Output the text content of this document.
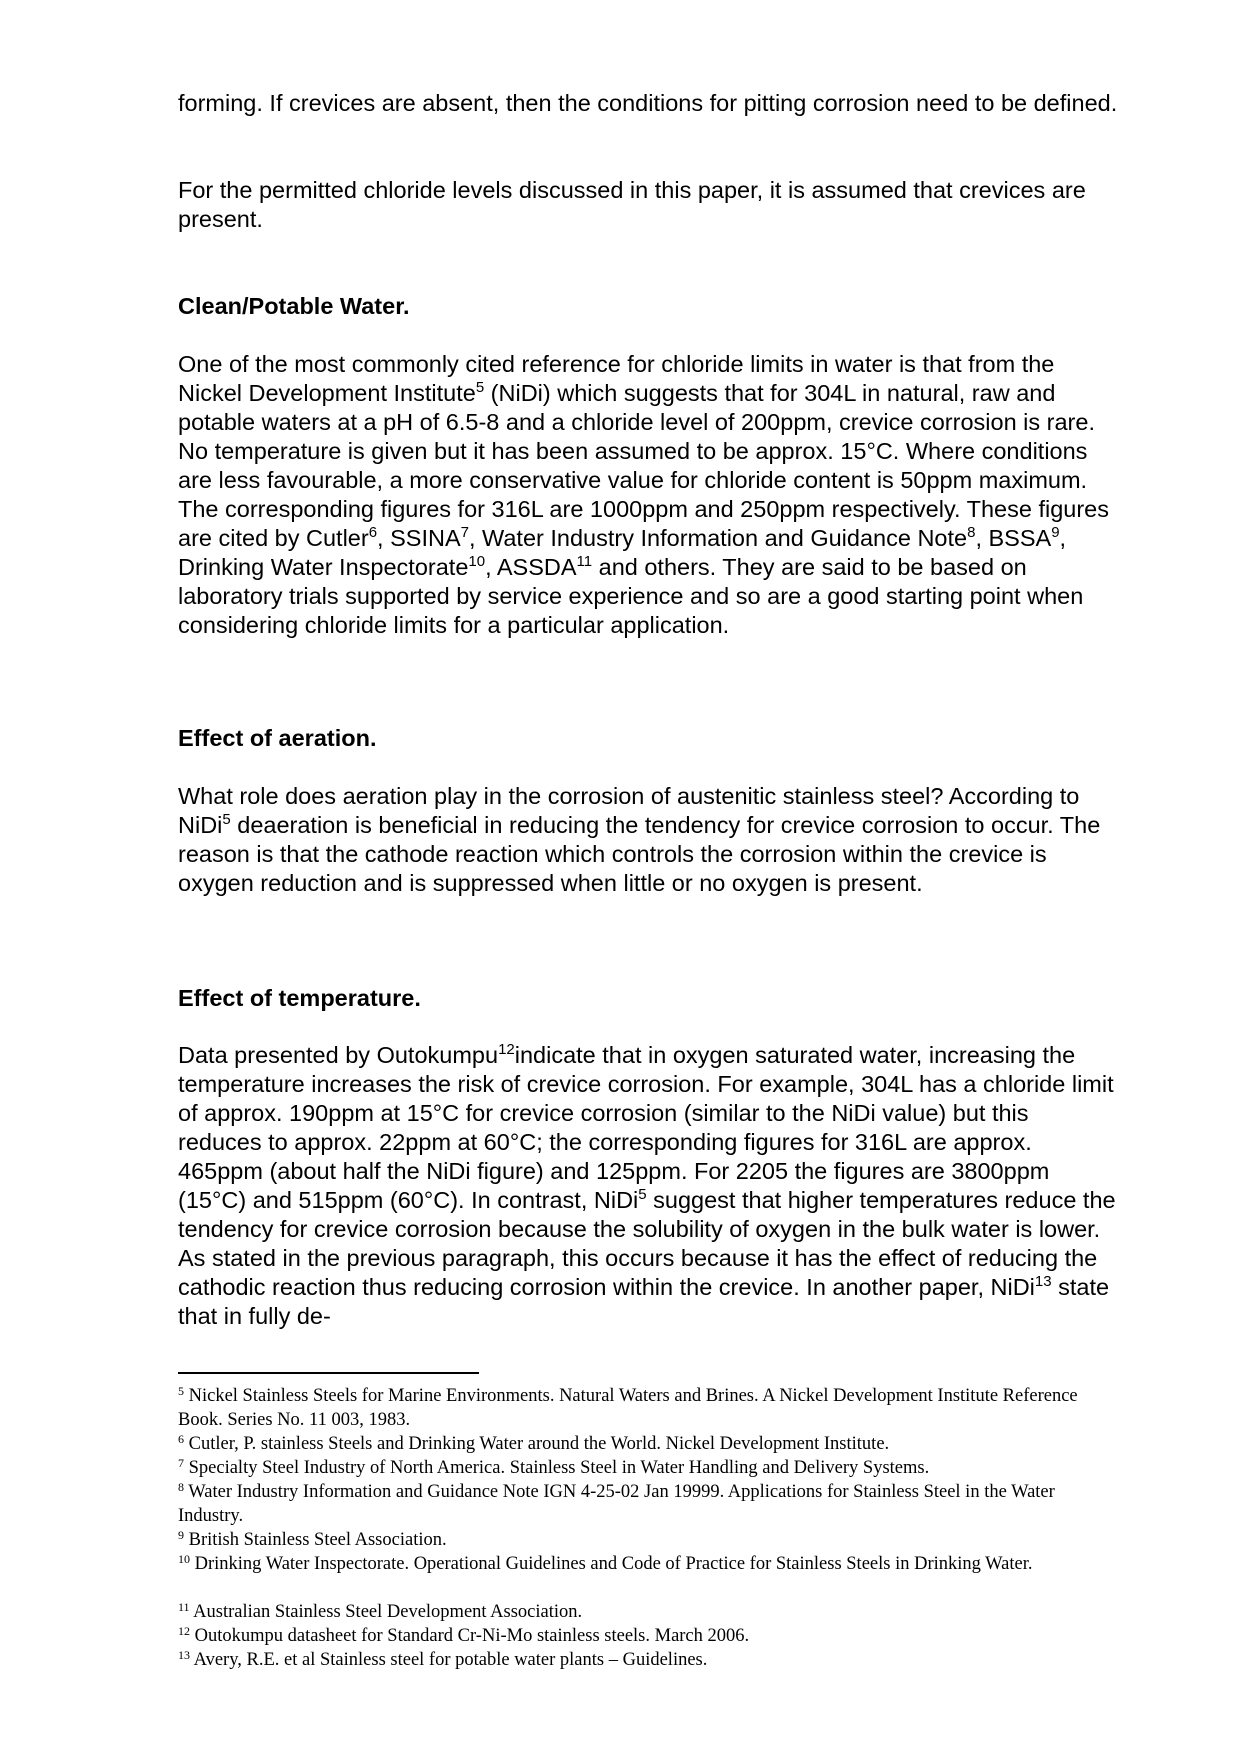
forming. If crevices are absent, then the conditions for pitting corrosion need to be defined.

For the permitted chloride levels discussed in this paper, it is assumed that crevices are present.

Clean/Potable Water.

One of the most commonly cited reference for chloride limits in water is that from the Nickel Development Institute$^5$ (NiDi) which suggests that for 304L in natural, raw and potable waters at a pH of 6.5-8 and a chloride level of 200ppm, crevice corrosion is rare. No temperature is given but it has been assumed to be approx. 15°C. Where conditions are less favourable, a more conservative value for chloride content is 50ppm maximum. The corresponding figures for 316L are 1000ppm and 250ppm respectively. These figures are cited by Cutler$^6$, SSINA$^7$, Water Industry Information and Guidance Note$^8$, BSSA$^9$, Drinking Water Inspectorate$^{10}$, ASSDA$^{11}$ and others. They are said to be based on laboratory trials supported by service experience and so are a good starting point when considering chloride limits for a particular application.

Effect of aeration.

What role does aeration play in the corrosion of austenitic stainless steel? According to NiDi$^5$ deaeration is beneficial in reducing the tendency for crevice corrosion to occur. The reason is that the cathode reaction which controls the corrosion within the crevice is oxygen reduction and is suppressed when little or no oxygen is present.

Effect of temperature.

Data presented by Outokumpu$^{12}$indicate that in oxygen saturated water, increasing the temperature increases the risk of crevice corrosion. For example, 304L has a chloride limit of approx. 190ppm at 15°C for crevice corrosion (similar to the NiDi value) but this reduces to approx. 22ppm at 60°C; the corresponding figures for 316L are approx. 465ppm (about half the NiDi figure) and 125ppm. For 2205 the figures are 3800ppm (15°C) and 515ppm (60°C). In contrast, NiDi$^5$ suggest that higher temperatures reduce the tendency for crevice corrosion because the solubility of oxygen in the bulk water is lower. As stated in the previous paragraph, this occurs because it has the effect of reducing the cathodic reaction thus reducing corrosion within the crevice. In another paper, NiDi$^{13}$ state that in fully de-

$^5$ Nickel Stainless Steels for Marine Environments. Natural Waters and Brines. A Nickel Development Institute Reference Book. Series No. 11 003, 1983.

$^6$ Cutler, P. stainless Steels and Drinking Water around the World. Nickel Development Institute.

$^7$ Specialty Steel Industry of North America. Stainless Steel in Water Handling and Delivery Systems.

$^8$ Water Industry Information and Guidance Note IGN 4-25-02 Jan 19999. Applications for Stainless Steel in the Water Industry.

$^9$ British Stainless Steel Association.

$^{10}$ Drinking Water Inspectorate. Operational Guidelines and Code of Practice for Stainless Steels in Drinking Water.

$^{11}$ Australian Stainless Steel Development Association.

$^{12}$ Outokumpu datasheet for Standard Cr-Ni-Mo stainless steels. March 2006.

$^{13}$ Avery, R.E. et al Stainless steel for potable water plants – Guidelines.
